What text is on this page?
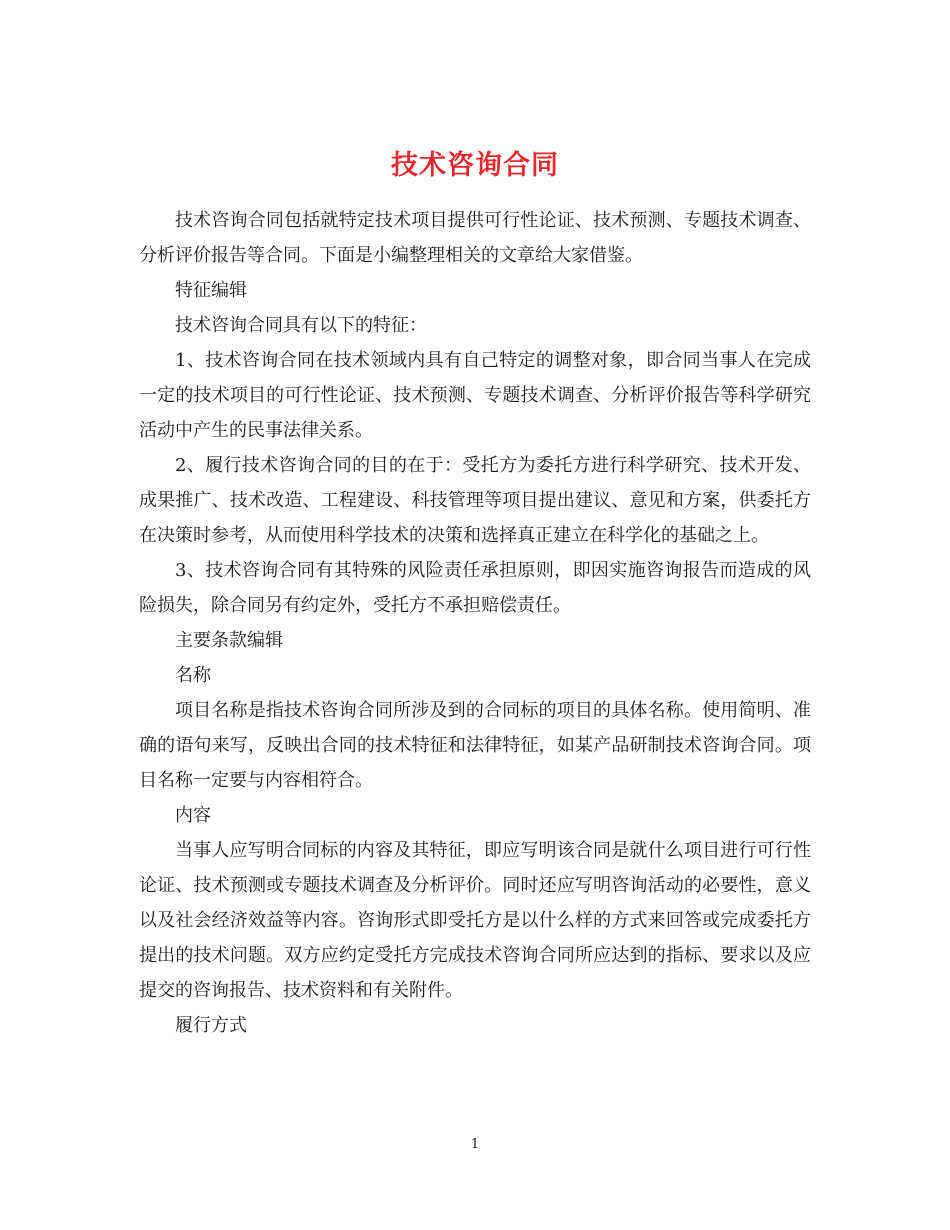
技术咨询合同

技术咨询合同包括就特定技术项目提供可行性论证、技术预测、专题技术调查、分析评价报告等合同。下面是小编整理相关的文章给大家借鉴。

特征编辑

技术咨询合同具有以下的特征：

1、技术咨询合同在技术领域内具有自己特定的调整对象，即合同当事人在完成一定的技术项目的可行性论证、技术预测、专题技术调查、分析评价报告等科学研究活动中产生的民事法律关系。

2、履行技术咨询合同的目的在于：受托方为委托方进行科学研究、技术开发、成果推广、技术改造、工程建设、科技管理等项目提出建议、意见和方案，供委托方在决策时参考，从而使用科学技术的决策和选择真正建立在科学化的基础之上。

3、技术咨询合同有其特殊的风险责任承担原则，即因实施咨询报告而造成的风险损失，除合同另有约定外，受托方不承担赔偿责任。

主要条款编辑

名称

项目名称是指技术咨询合同所涉及到的合同标的项目的具体名称。使用简明、准确的语句来写，反映出合同的技术特征和法律特征，如某产品研制技术咨询合同。项目名称一定要与内容相符合。

内容

当事人应写明合同标的内容及其特征，即应写明该合同是就什么项目进行可行性论证、技术预测或专题技术调查及分析评价。同时还应写明咨询活动的必要性，意义以及社会经济效益等内容。咨询形式即受托方是以什么样的方式来回答或完成委托方提出的技术问题。双方应约定受托方完成技术咨询合同所应达到的指标、要求以及应提交的咨询报告、技术资料和有关附件。

履行方式

1
